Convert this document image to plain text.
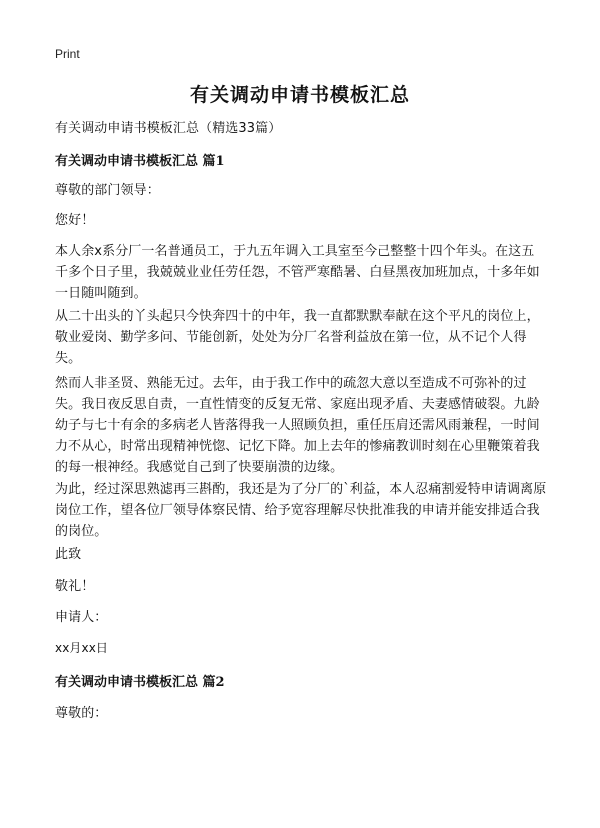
Print
有关调动申请书模板汇总
有关调动申请书模板汇总（精选33篇）
有关调动申请书模板汇总 篇1
尊敬的部门领导：
您好！
本人余x系分厂一名普通员工，于九五年调入工具室至今己整整十四个年头。在这五千多个日子里，我兢兢业业任劳任怨，不管严寒酷暑、白昼黑夜加班加点，十多年如一日随叫随到。
从二十出头的丫头起只今快奔四十的中年，我一直都默默奉献在这个平凡的岗位上，敬业爱岗、勤学多问、节能创新，处处为分厂名誉利益放在第一位，从不记个人得失。
然而人非圣贤、熟能无过。去年，由于我工作中的疏忽大意以至造成不可弥补的过失。我日夜反思自责，一直性情变的反复无常、家庭出现矛盾、夫妻感情破裂。九龄幼子与七十有余的多病老人皆落得我一人照顾负担，重任压肩还需风雨兼程，一时间力不从心，时常出现精神恍惚、记忆下降。加上去年的惨痛教训时刻在心里鞭策着我的每一根神经。我感觉自己到了快要崩溃的边缘。
为此，经过深思熟滤再三斟酌，我还是为了分厂的`利益，本人忍痛割爱特申请调离原岗位工作，望各位厂领导体察民情、给予宽容理解尽快批准我的申请并能安排适合我的岗位。
此致
敬礼！
申请人：
xx月xx日
有关调动申请书模板汇总 篇2
尊敬的：
